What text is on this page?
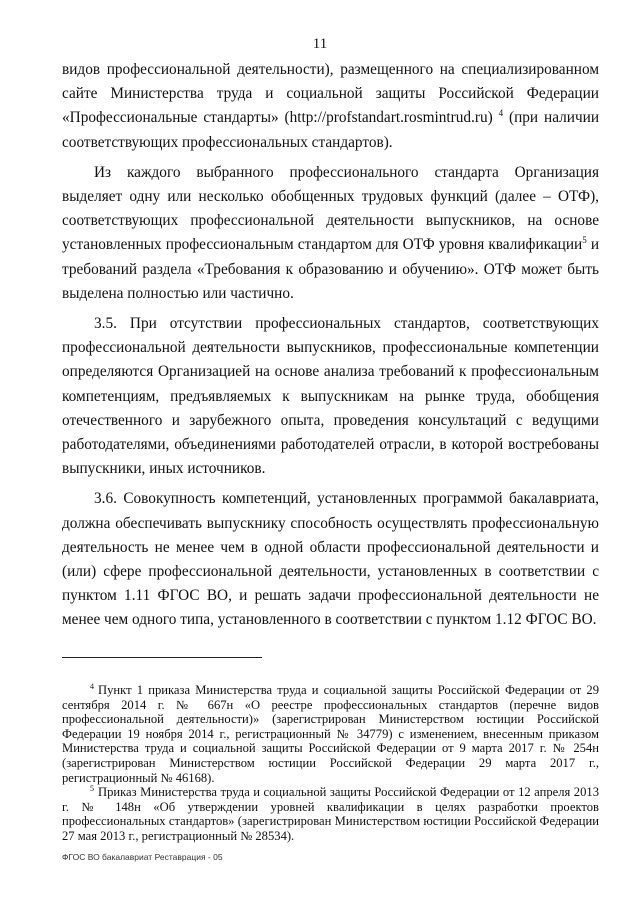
11

видов профессиональной деятельности), размещенного на специализированном сайте Министерства труда и социальной защиты Российской Федерации «Профессиональные стандарты» (http://profstandart.rosmintrud.ru) $^4$ (при наличии соответствующих профессиональных стандартов).

Из каждого выбранного профессионального стандарта Организация выделяет одну или несколько обобщенных трудовых функций (далее – ОТФ), соответствующих профессиональной деятельности выпускников, на основе установленных профессиональным стандартом для ОТФ уровня квалификации$^5$ и требований раздела «Требования к образованию и обучению». ОТФ может быть выделена полностью или частично.

3.5. При отсутствии профессиональных стандартов, соответствующих профессиональной деятельности выпускников, профессиональные компетенции определяются Организацией на основе анализа требований к профессиональным компетенциям, предъявляемых к выпускникам на рынке труда, обобщения отечественного и зарубежного опыта, проведения консультаций с ведущими работодателями, объединениями работодателей отрасли, в которой востребованы выпускники, иных источников.

3.6. Совокупность компетенций, установленных программой бакалавриата, должна обеспечивать выпускнику способность осуществлять профессиональную деятельность не менее чем в одной области профессиональной деятельности и (или) сфере профессиональной деятельности, установленных в соответствии с пунктом 1.11 ФГОС ВО, и решать задачи профессиональной деятельности не менее чем одного типа, установленного в соответствии с пунктом 1.12 ФГОС ВО.

$^4$ Пункт 1 приказа Министерства труда и социальной защиты Российской Федерации от 29 сентября 2014 г. № 667н «О реестре профессиональных стандартов (перечне видов профессиональной деятельности)» (зарегистрирован Министерством юстиции Российской Федерации 19 ноября 2014 г., регистрационный № 34779) с изменением, внесенным приказом Министерства труда и социальной защиты Российской Федерации от 9 марта 2017 г. № 254н (зарегистрирован Министерством юстиции Российской Федерации 29 марта 2017 г., регистрационный № 46168).

$^5$ Приказ Министерства труда и социальной защиты Российской Федерации от 12 апреля 2013 г. № 148н «Об утверждении уровней квалификации в целях разработки проектов профессиональных стандартов» (зарегистрирован Министерством юстиции Российской Федерации 27 мая 2013 г., регистрационный № 28534).

ФГОС ВО бакалавриат Реставрация - 05
